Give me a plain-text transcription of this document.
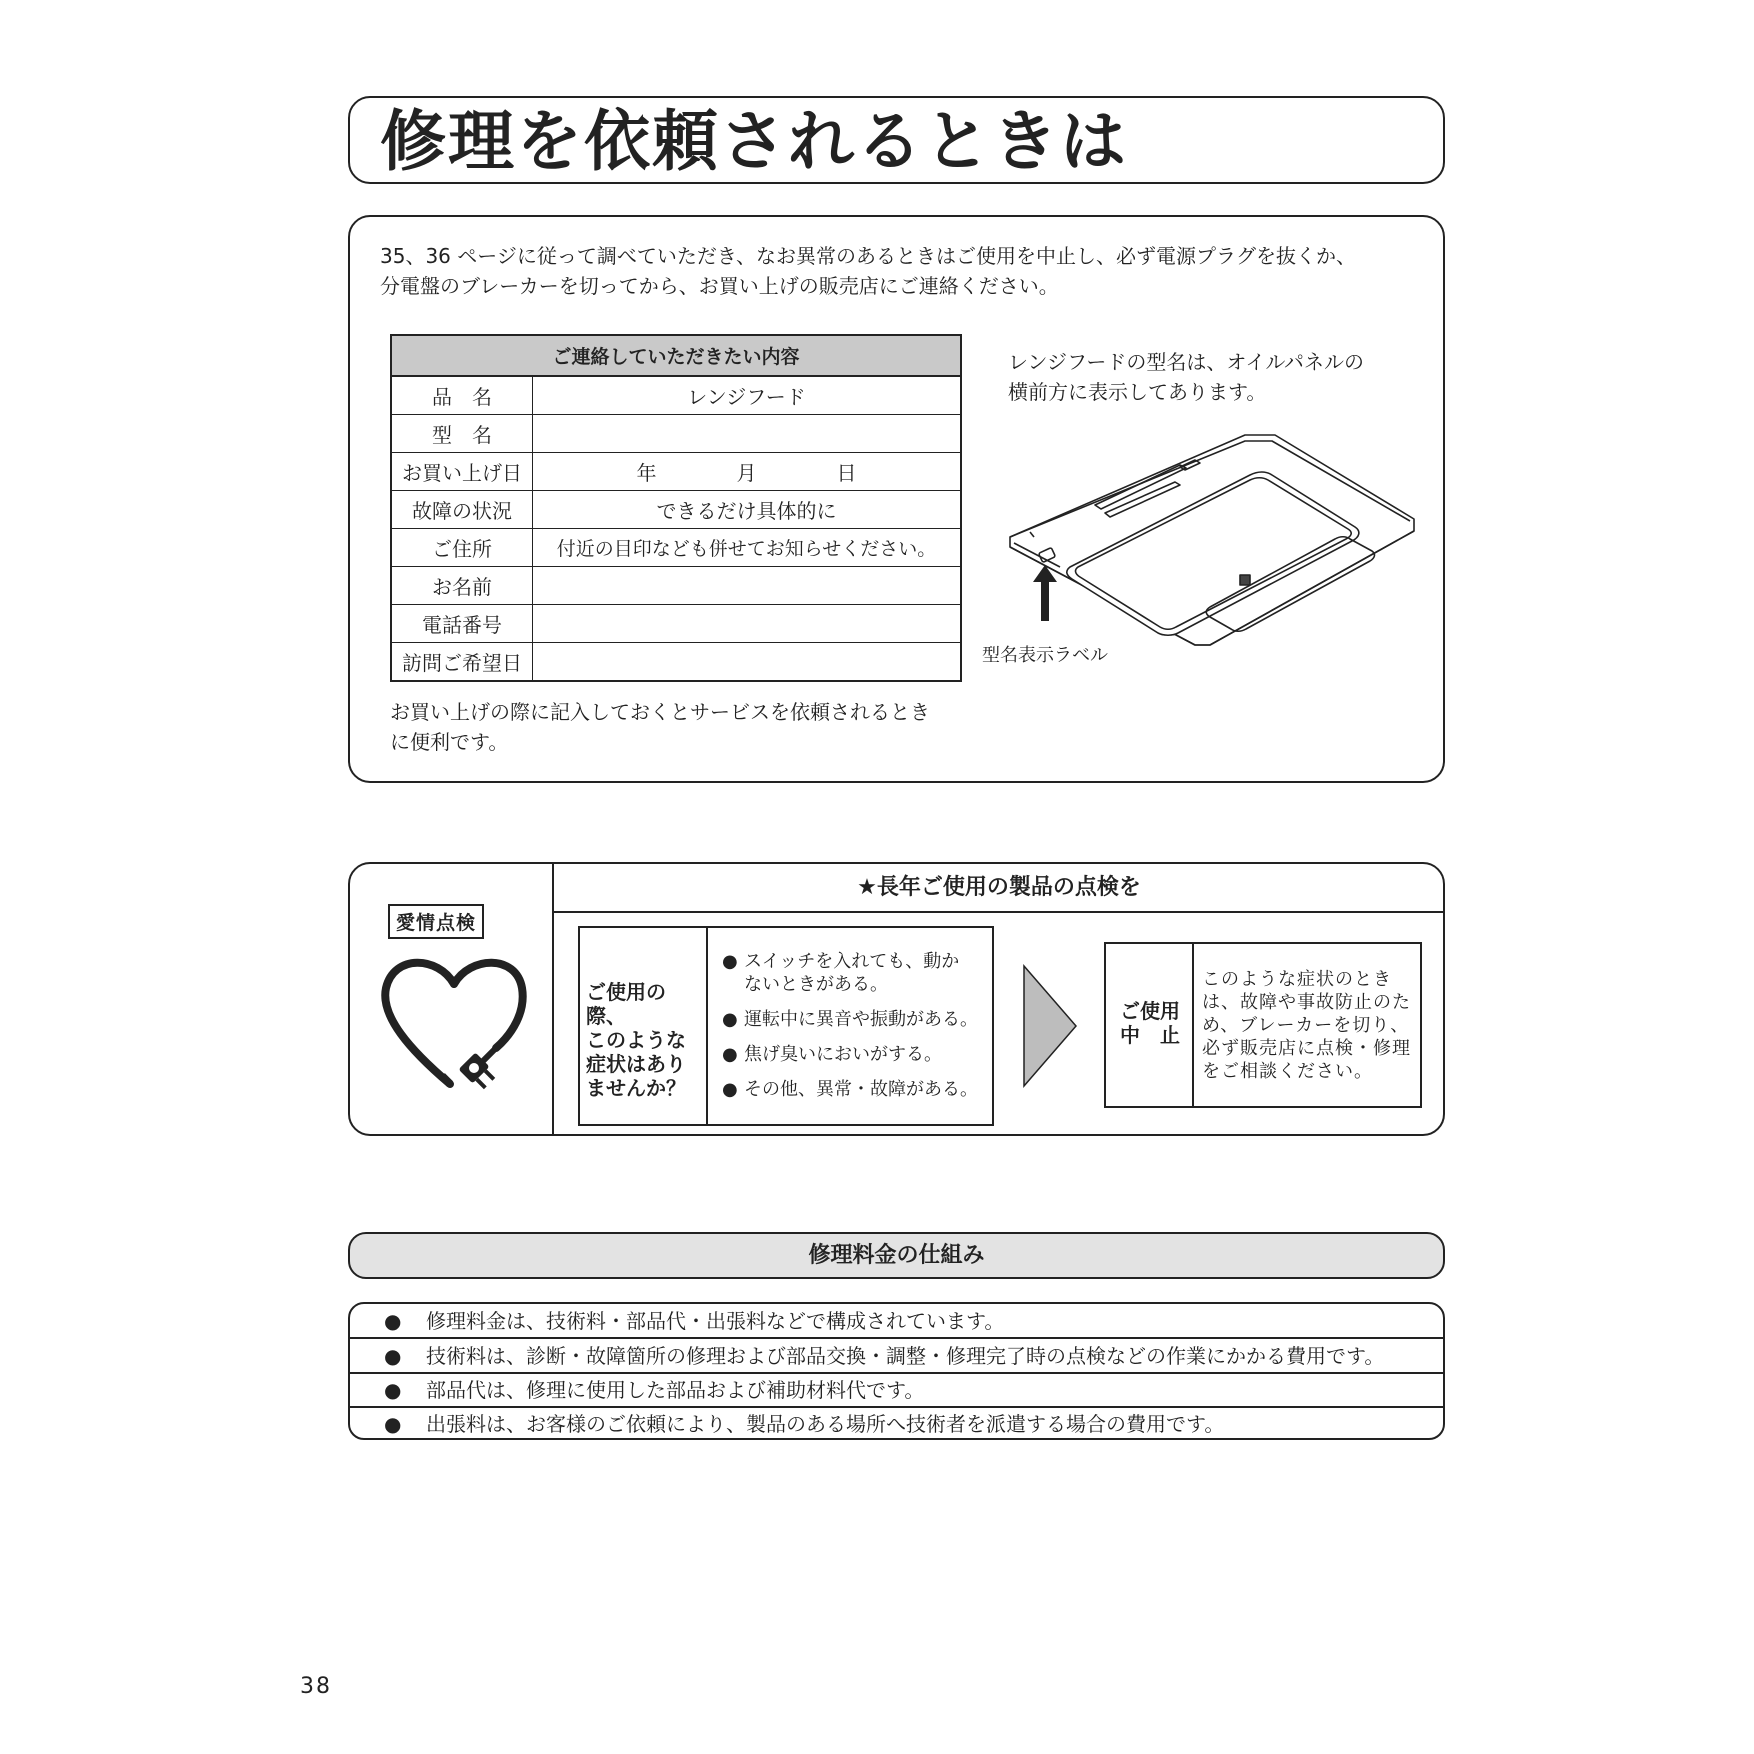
修理を依頼されるときは
35、36 ページに従って調べていただき、なお異常のあるときはご使用を中止し、必ず電源プラグを抜くか、
分電盤のブレーカーを切ってから、お買い上げの販売店にご連絡ください。
ご連絡していただきたい内容	
品　名	レンジフード
型　名	
お買い上げ日	年　　　　月　　　　日
故障の状況	できるだけ具体的に
ご住所	付近の目印なども併せてお知らせください。
お名前	
電話番号	
訪問ご希望日	
お買い上げの際に記入しておくとサービスを依頼されるとき
に便利です。
レンジフードの型名は、オイルパネルの
横前方に表示してあります。
型名表示ラベル
★長年ご使用の製品の点検を
愛情点検
ご使用の際、
このような
症状はあり
ませんか？
● スイッチを入れても、動か
ないときがある。
● 運転中に異音や振動がある。
● 焦げ臭いにおいがする。
● その他、異常・故障がある。
ご使用
中　止
このような症状のとき
は、故障や事故防止のた
め、ブレーカーを切り、
必ず販売店に点検・修理
をご相談ください。
修理料金の仕組み
● 修理料金は、技術料・部品代・出張料などで構成されています。
● 技術料は、診断・故障箇所の修理および部品交換・調整・修理完了時の点検などの作業にかかる費用です。
● 部品代は、修理に使用した部品および補助材料代です。
● 出張料は、お客様のご依頼により、製品のある場所へ技術者を派遣する場合の費用です。
38
